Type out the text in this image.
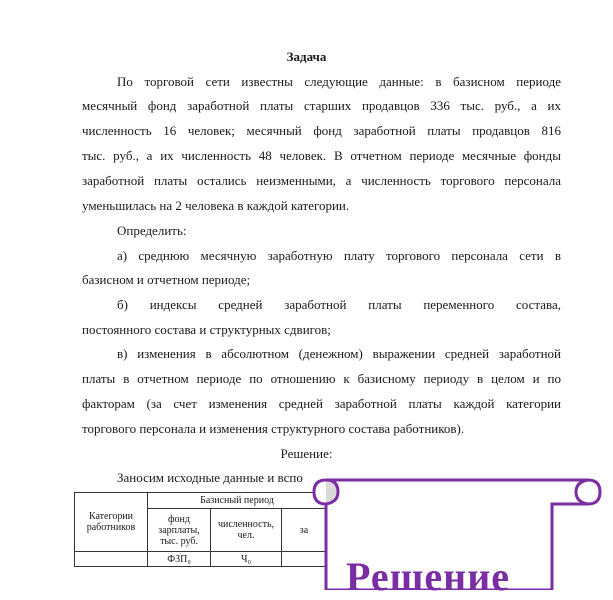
Задача
По торговой сети известны следующие данные: в базисном периоде
месячный фонд заработной платы старших продавцов 336 тыс. руб., а их
численность 16 человек; месячный фонд заработной платы продавцов 816
тыс. руб., а их численность 48 человек. В отчетном периоде месячные фонды
заработной платы остались неизменными, а численность торгового персонала
уменьшилась на 2 человека в каждой категории.
Определить:
а) среднюю месячную заработную плату торгового персонала сети в
базисном и отчетном периоде;
б) индексы средней заработной платы переменного состава,
постоянного состава и структурных сдвигов;
в) изменения в абсолютном (денежном) выражении средней заработной
платы в отчетном периоде по отношению к базисному периоду в целом и по
факторам (за счет изменения средней заработной платы каждой категории
торгового персонала и изменения структурного состава работников).
Решение:
Заносим исходные данные и вспо
Категории работников	Базисный период	
	фонд зарплаты, тыс. руб.	численность, чел.	за	
	ФЗП₀	Ч₀		Решение
